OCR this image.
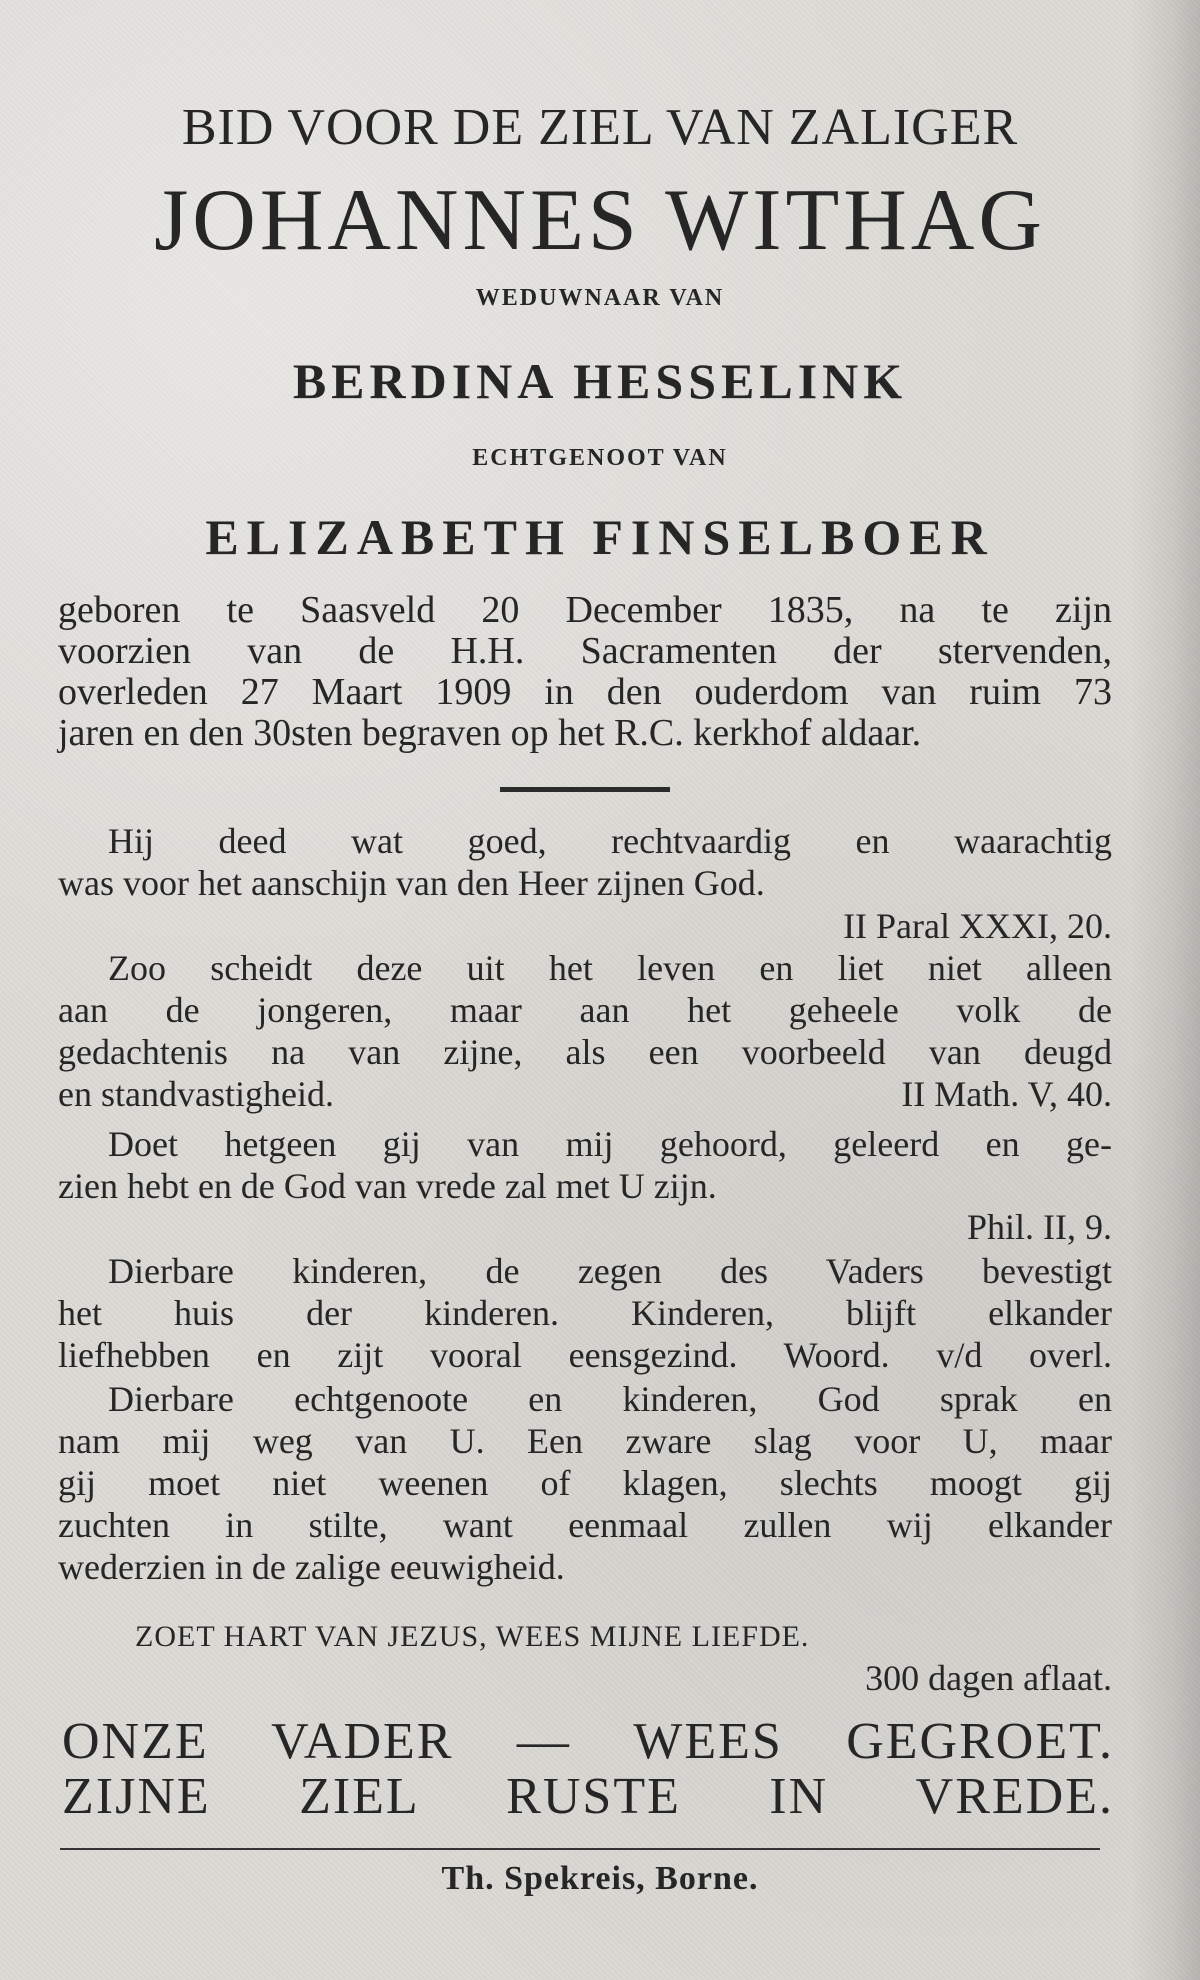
BID VOOR DE ZIEL VAN ZALIGER
JOHANNES WITHAG
WEDUWNAAR VAN
BERDINA HESSELINK
ECHTGENOOT VAN
ELIZABETH FINSELBOER
geboren te Saasveld 20 December 1835, na te zijn
voorzien van de H.H. Sacramenten der stervenden,
overleden 27 Maart 1909 in den ouderdom van ruim 73
jaren en den 30sten begraven op het R.C. kerkhof aldaar.
Hij deed wat goed, rechtvaardig en waarachtig
was voor het aanschijn van den Heer zijnen God.
II Paral XXXI, 20.
Zoo scheidt deze uit het leven en liet niet alleen
aan de jongeren, maar aan het geheele volk de
gedachtenis na van zijne, als een voorbeeld van deugd
en standvastigheid.	II Math. V, 40.
Doet hetgeen gij van mij gehoord, geleerd en ge-
zien hebt en de God van vrede zal met U zijn.
Phil. II, 9.
Dierbare kinderen, de zegen des Vaders bevestigt
het huis der kinderen. Kinderen, blijft elkander
liefhebben en zijt vooral eensgezind. Woord. v/d overl.
Dierbare echtgenoote en kinderen, God sprak en
nam mij weg van U. Een zware slag voor U, maar
gij moet niet weenen of klagen, slechts moogt gij
zuchten in stilte, want eenmaal zullen wij elkander
wederzien in de zalige eeuwigheid.
ZOET HART VAN JEZUS, WEES MIJNE LIEFDE.
300 dagen aflaat.
ONZE VADER — WEES GEGROET.
ZIJNE ZIEL RUSTE IN VREDE.
Th. Spekreis, Borne.
